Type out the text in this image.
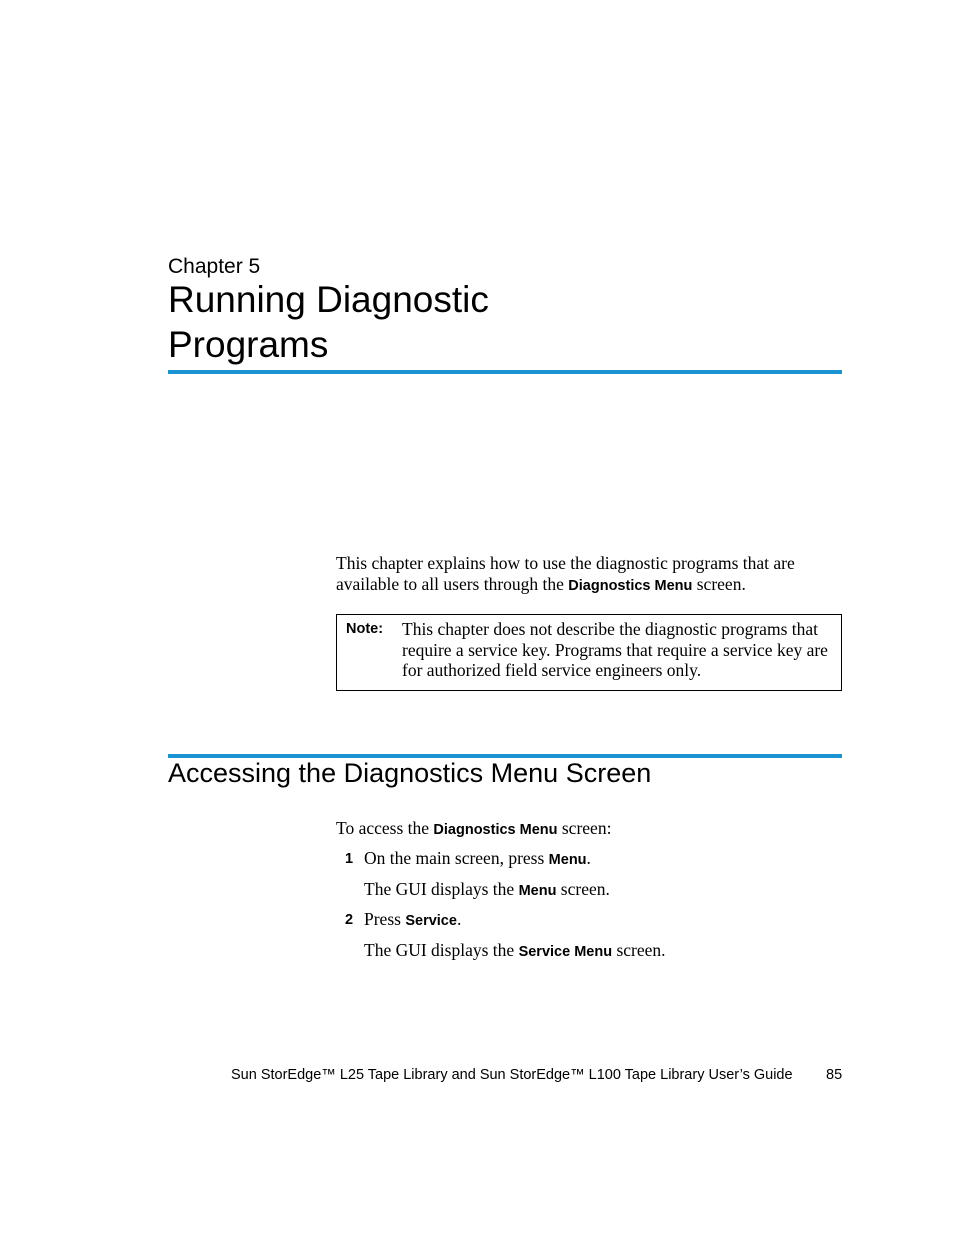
Chapter 5
Running Diagnostic
Programs
This chapter explains how to use the diagnostic programs that are available to all users through the Diagnostics Menu screen.
Note: This chapter does not describe the diagnostic programs that require a service key. Programs that require a service key are for authorized field service engineers only.
Accessing the Diagnostics Menu Screen
To access the Diagnostics Menu screen:
1 On the main screen, press Menu.
The GUI displays the Menu screen.
2 Press Service.
The GUI displays the Service Menu screen.
Sun StorEdge™ L25 Tape Library and Sun StorEdge™ L100 Tape Library User’s Guide 85
